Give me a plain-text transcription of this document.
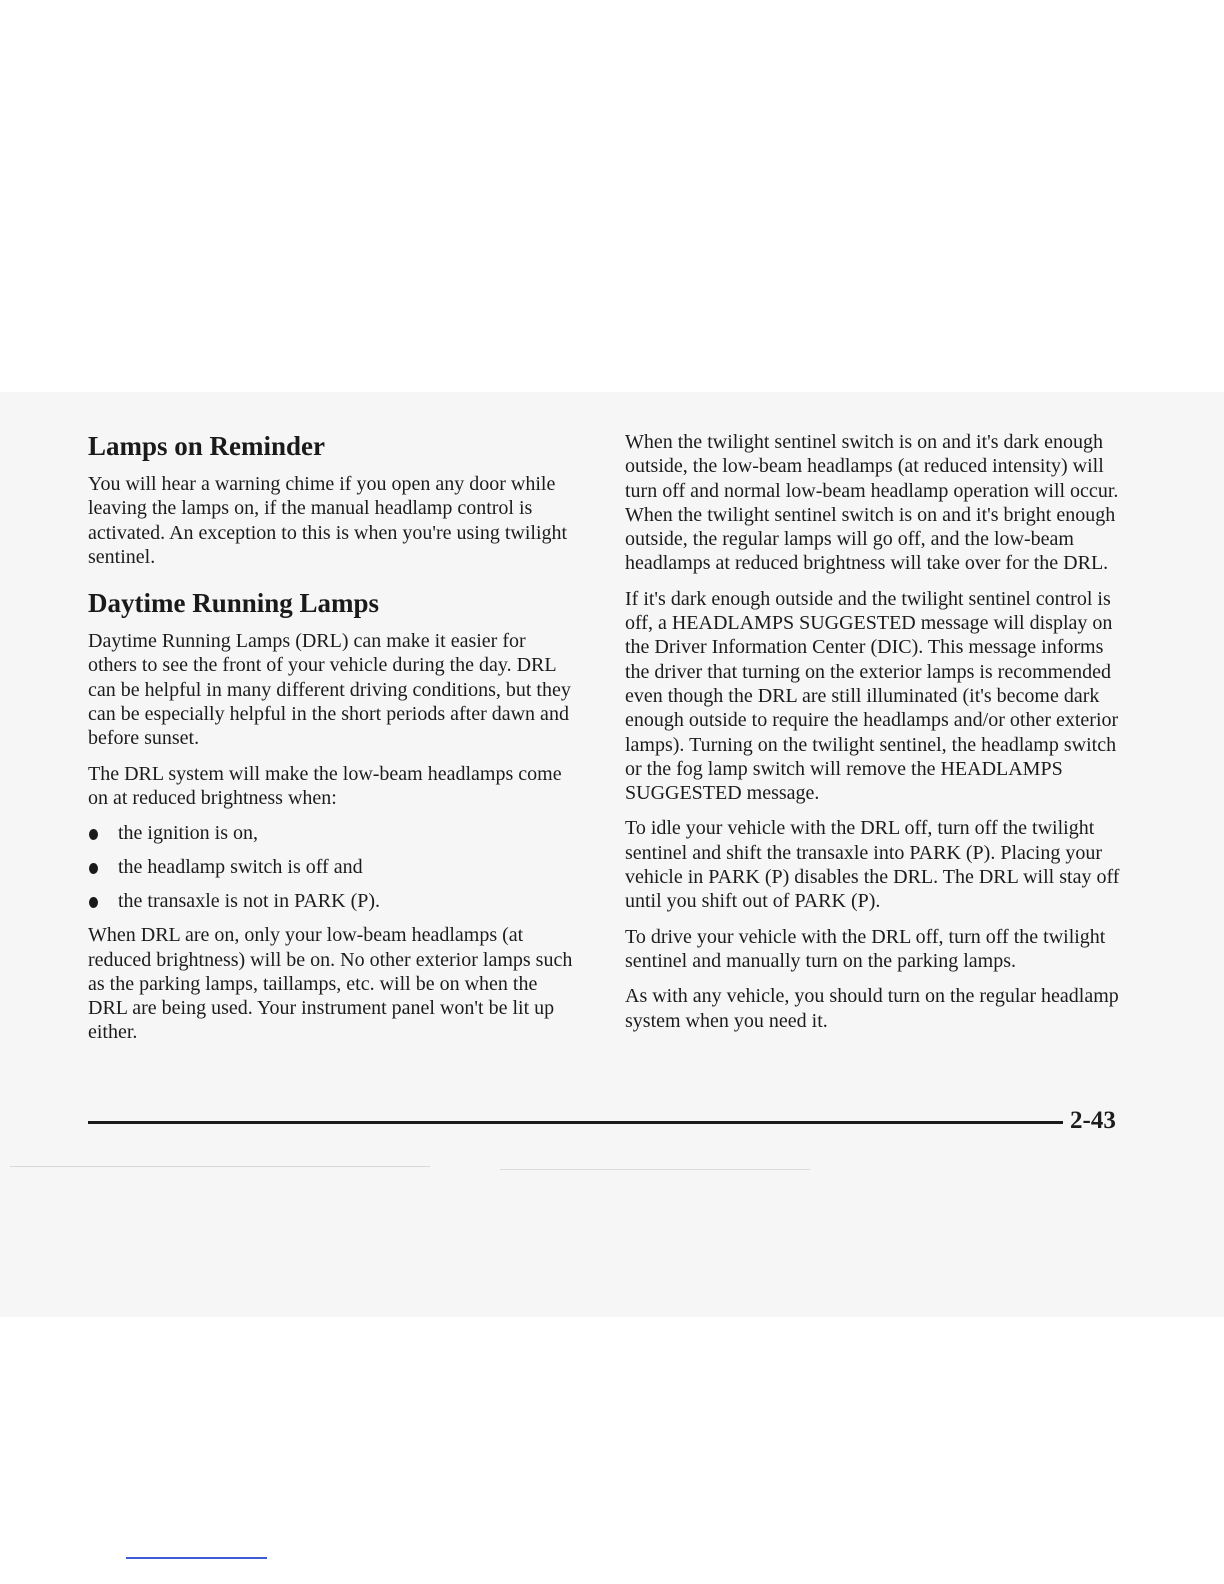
Lamps on Reminder

You will hear a warning chime if you open any door while leaving the lamps on, if the manual headlamp control is activated. An exception to this is when you're using twilight sentinel.

Daytime Running Lamps

Daytime Running Lamps (DRL) can make it easier for others to see the front of your vehicle during the day. DRL can be helpful in many different driving conditions, but they can be especially helpful in the short periods after dawn and before sunset.

The DRL system will make the low-beam headlamps come on at reduced brightness when:

the ignition is on,
the headlamp switch is off and
the transaxle is not in PARK (P).

When DRL are on, only your low-beam headlamps (at reduced brightness) will be on. No other exterior lamps such as the parking lamps, taillamps, etc. will be on when the DRL are being used. Your instrument panel won't be lit up either.

When the twilight sentinel switch is on and it's dark enough outside, the low-beam headlamps (at reduced intensity) will turn off and normal low-beam headlamp operation will occur. When the twilight sentinel switch is on and it's bright enough outside, the regular lamps will go off, and the low-beam headlamps at reduced brightness will take over for the DRL.

If it's dark enough outside and the twilight sentinel control is off, a HEADLAMPS SUGGESTED message will display on the Driver Information Center (DIC). This message informs the driver that turning on the exterior lamps is recommended even though the DRL are still illuminated (it's become dark enough outside to require the headlamps and/or other exterior lamps). Turning on the twilight sentinel, the headlamp switch or the fog lamp switch will remove the HEADLAMPS SUGGESTED message.

To idle your vehicle with the DRL off, turn off the twilight sentinel and shift the transaxle into PARK (P). Placing your vehicle in PARK (P) disables the DRL. The DRL will stay off until you shift out of PARK (P).

To drive your vehicle with the DRL off, turn off the twilight sentinel and manually turn on the parking lamps.

As with any vehicle, you should turn on the regular headlamp system when you need it.

2-43
